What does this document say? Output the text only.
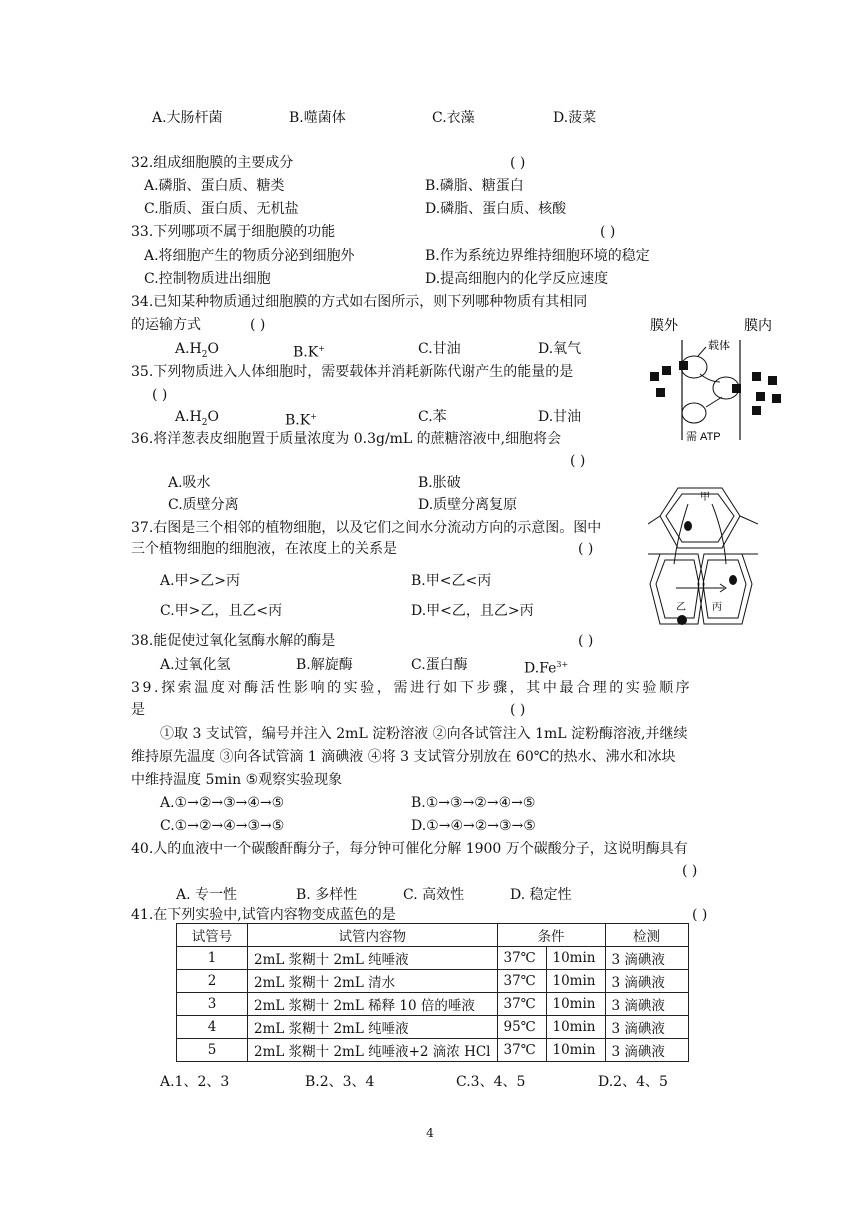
A.大肠杆菌	B.噬菌体	C.衣藻	D.菠菜
32.组成细胞膜的主要成分	( )
A.磷脂、蛋白质、糖类	B.磷脂、糖蛋白
C.脂质、蛋白质、无机盐	D.磷脂、蛋白质、核酸
33.下列哪项不属于细胞膜的功能	( )
A.将细胞产生的物质分泌到细胞外	B.作为系统边界维持细胞环境的稳定
C.控制物质进出细胞	D.提高细胞内的化学反应速度
34.已知某种物质通过细胞膜的方式如右图所示，则下列哪种物质有其相同
的运输方式	( )
$A.H_2O$	B.K+	C.甘油	D.氧气
35.下列物质进入人体细胞时，需要载体并消耗新陈代谢产生的能量的是
( )
$A.H_2O$	B.K+	C.苯	D.甘油
膜外	膜内
载体
需 ATP
36.将洋葱表皮细胞置于质量浓度为 0.3g/mL 的蔗糖溶液中,细胞将会
( )
A.吸水	B.胀破
C.质壁分离	D.质壁分离复原
37.右图是三个相邻的植物细胞，以及它们之间水分流动方向的示意图。图中
三个植物细胞的细胞液，在浓度上的关系是	( )
A.甲>乙>丙	B.甲<乙<丙
C.甲>乙，且乙<丙	D.甲<乙，且乙>丙
甲
乙	丙
38.能促使过氧化氢酶水解的酶是	( )
A.过氧化氢	B.解旋酶	C.蛋白酶	$D.Fe^{3+}$
39.探索温度对酶活性影响的实验，需进行如下步骤，其中最合理的实验顺序
是	( )
①取 3 支试管，编号并注入 2mL 淀粉溶液 ②向各试管注入 1mL 淀粉酶溶液,并继续
维持原先温度 ③向各试管滴 1 滴碘液 ④将 3 支试管分别放在 60℃的热水、沸水和冰块
中维持温度 5min ⑤观察实验现象
A.①→②→③→④→⑤	B.①→③→②→④→⑤
C.①→②→④→③→⑤	D.①→④→②→③→⑤
40.人的血液中一个碳酸酐酶分子，每分钟可催化分解 1900 万个碳酸分子，这说明酶具有
( )
A. 专一性	B. 多样性	C. 高效性	D. 稳定性
41.在下列实验中,试管内容物变成蓝色的是	( )
试管号	试管内容物	条件		检测
1	2mL 浆糊十 2mL 纯唾液	37℃	10min	3 滴碘液
2	2mL 浆糊十 2mL 清水	37℃	10min	3 滴碘液
3	2mL 浆糊十 2mL 稀释 10 倍的唾液	37℃	10min	3 滴碘液
4	2mL 浆糊十 2mL 纯唾液	95℃	10min	3 滴碘液
5	2mL 浆糊十 2mL 纯唾液+2 滴浓 HCl	37℃	10min	3 滴碘液
A.1、2、3	B.2、3、4	C.3、4、5	D.2、4、5
4
